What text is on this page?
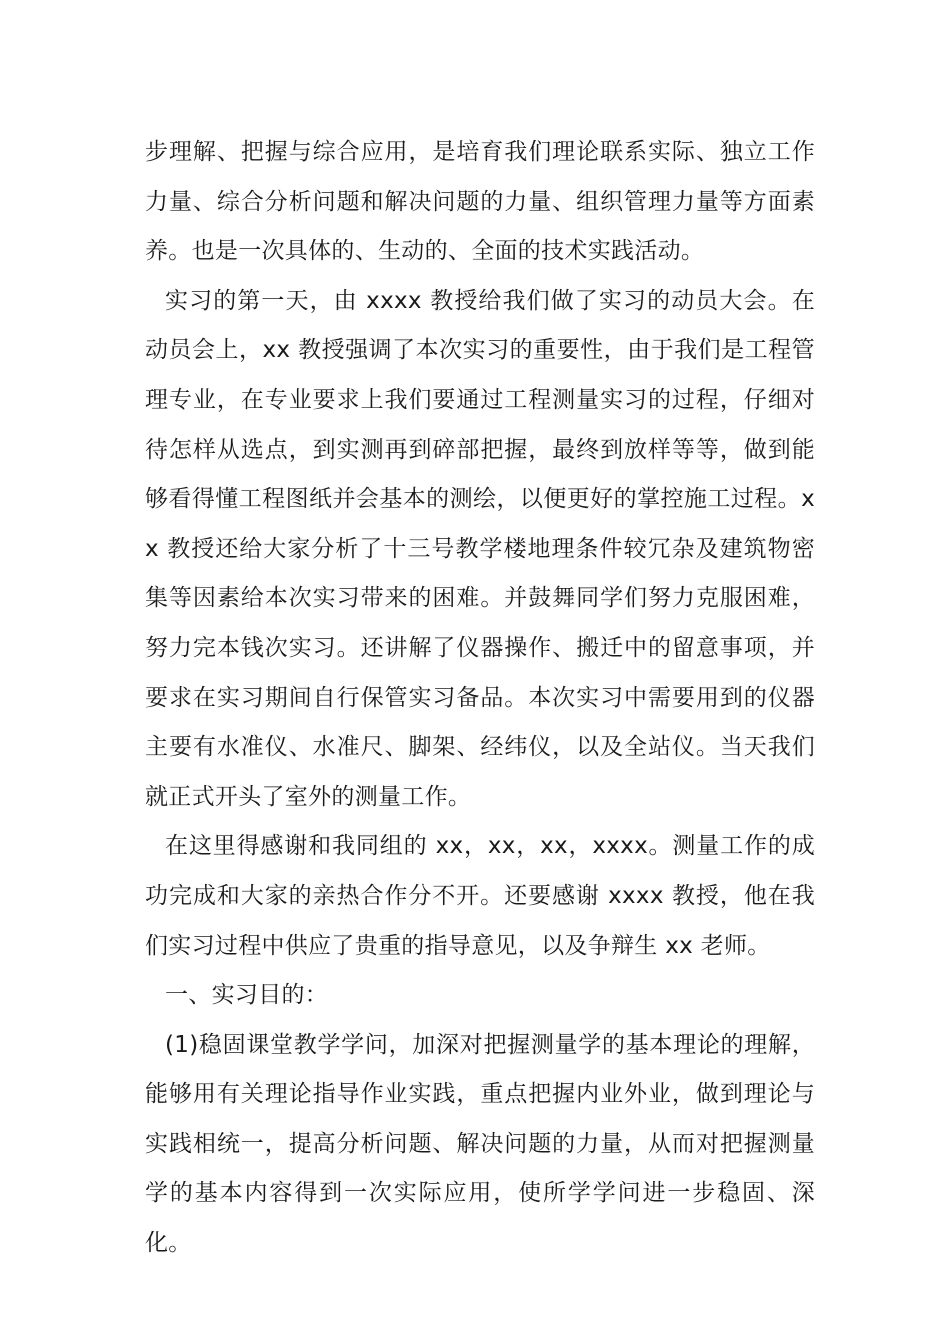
步理解、把握与综合应用，是培育我们理论联系实际、独立工作力量、综合分析问题和解决问题的力量、组织管理力量等方面素养。也是一次具体的、生动的、全面的技术实践活动。

实习的第一天，由 xxxx 教授给我们做了实习的动员大会。在动员会上，xx 教授强调了本次实习的重要性，由于我们是工程管理专业，在专业要求上我们要通过工程测量实习的过程，仔细对待怎样从选点，到实测再到碎部把握，最终到放样等等，做到能够看得懂工程图纸并会基本的测绘，以便更好的掌控施工过程。xx 教授还给大家分析了十三号教学楼地理条件较冗杂及建筑物密集等因素给本次实习带来的困难。并鼓舞同学们努力克服困难，努力完本钱次实习。还讲解了仪器操作、搬迁中的留意事项，并要求在实习期间自行保管实习备品。本次实习中需要用到的仪器主要有水准仪、水准尺、脚架、经纬仪，以及全站仪。当天我们就正式开头了室外的测量工作。

在这里得感谢和我同组的 xx，xx，xx，xxxx。测量工作的成功完成和大家的亲热合作分不开。还要感谢 xxxx 教授，他在我们实习过程中供应了贵重的指导意见，以及争辩生 xx 老师。

一、实习目的：

(1)稳固课堂教学学问，加深对把握测量学的基本理论的理解，能够用有关理论指导作业实践，重点把握内业外业，做到理论与实践相统一，提高分析问题、解决问题的力量，从而对把握测量学的基本内容得到一次实际应用，使所学学问进一步稳固、深化。
